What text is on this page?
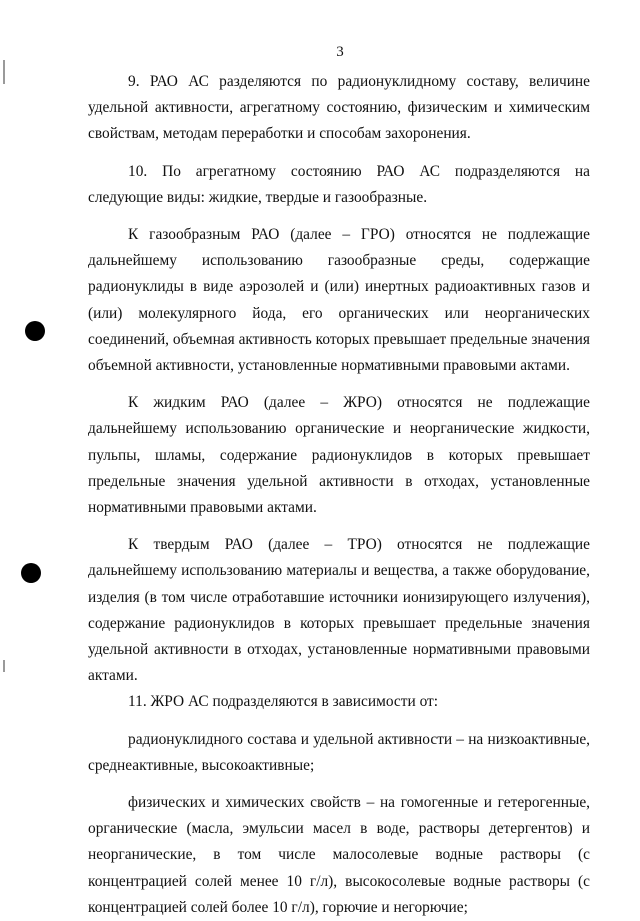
3

9. РАО АС разделяются по радионуклидному составу, величине удельной активности, агрегатному состоянию, физическим и химическим свойствам, методам переработки и способам захоронения.

10. По агрегатному состоянию РАО АС подразделяются на следующие виды: жидкие, твердые и газообразные.

К газообразным РАО (далее – ГРО) относятся не подлежащие дальнейшему использованию газообразные среды, содержащие радионуклиды в виде аэрозолей и (или) инертных радиоактивных газов и (или) молекулярного йода, его органических или неорганических соединений, объемная активность которых превышает предельные значения объемной активности, установленные нормативными правовыми актами.

К жидким РАО (далее – ЖРО) относятся не подлежащие дальнейшему использованию органические и неорганические жидкости, пульпы, шламы, содержание радионуклидов в которых превышает предельные значения удельной активности в отходах, установленные нормативными правовыми актами.

К твердым РАО (далее – ТРО) относятся не подлежащие дальнейшему использованию материалы и вещества, а также оборудование, изделия (в том числе отработавшие источники ионизирующего излучения), содержание радионуклидов в которых превышает предельные значения удельной активности в отходах, установленные нормативными правовыми актами.

11. ЖРО АС подразделяются в зависимости от:

радионуклидного состава и удельной активности – на низкоактивные, среднеактивные, высокоактивные;

физических и химических свойств – на гомогенные и гетерогенные, органические (масла, эмульсии масел в воде, растворы детергентов) и неорганические, в том числе малосолевые водные растворы (с концентрацией солей менее 10 г/л), высокосолевые водные растворы (с концентрацией солей более 10 г/л), горючие и негорючие;
